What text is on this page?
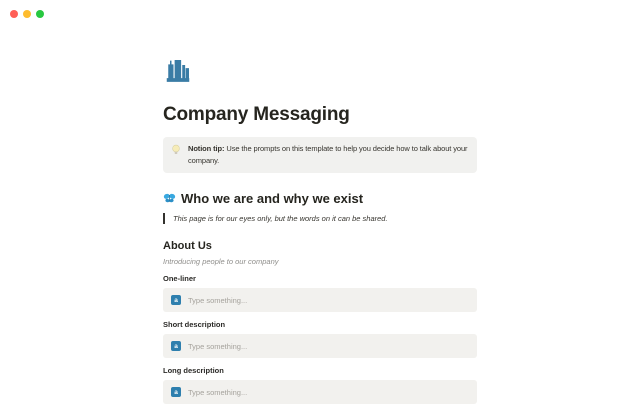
Company Messaging
Notion tip: Use the prompts on this template to help you decide how to talk about your company.
Who we are and why we exist
This page is for our eyes only, but the words on it can be shared.
About Us
Introducing people to our company
One-liner
a	Type something...
Short description
a	Type something...
Long description
a	Type something...
